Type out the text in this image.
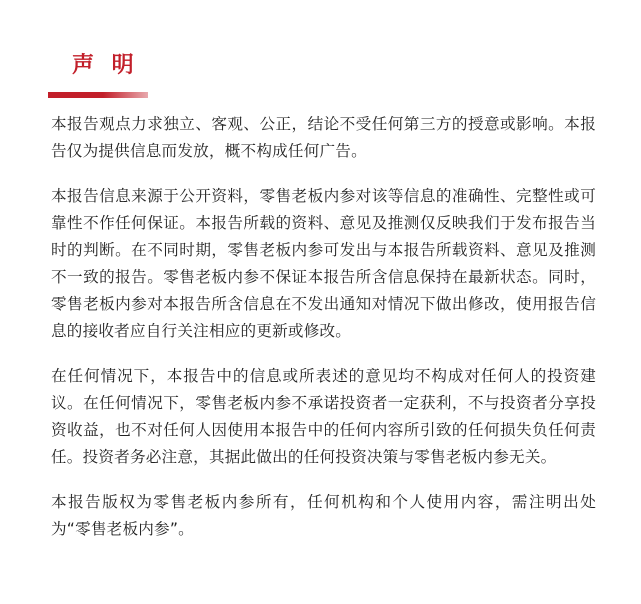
声 明

本报告观点力求独立、客观、公正，结论不受任何第三方的授意或影响。本报告仅为提供信息而发放，概不构成任何广告。

本报告信息来源于公开资料，零售老板内参对该等信息的准确性、完整性或可靠性不作任何保证。本报告所载的资料、意见及推测仅反映我们于发布报告当时的判断。在不同时期，零售老板内参可发出与本报告所载资料、意见及推测不一致的报告。零售老板内参不保证本报告所含信息保持在最新状态。同时，零售老板内参对本报告所含信息在不发出通知对情况下做出修改，使用报告信息的接收者应自行关注相应的更新或修改。

在任何情况下，本报告中的信息或所表述的意见均不构成对任何人的投资建议。在任何情况下，零售老板内参不承诺投资者一定获利，不与投资者分享投资收益，也不对任何人因使用本报告中的任何内容所引致的任何损失负任何责任。投资者务必注意，其据此做出的任何投资决策与零售老板内参无关。

本报告版权为零售老板内参所有，任何机构和个人使用内容，需注明出处为“零售老板内参”。
